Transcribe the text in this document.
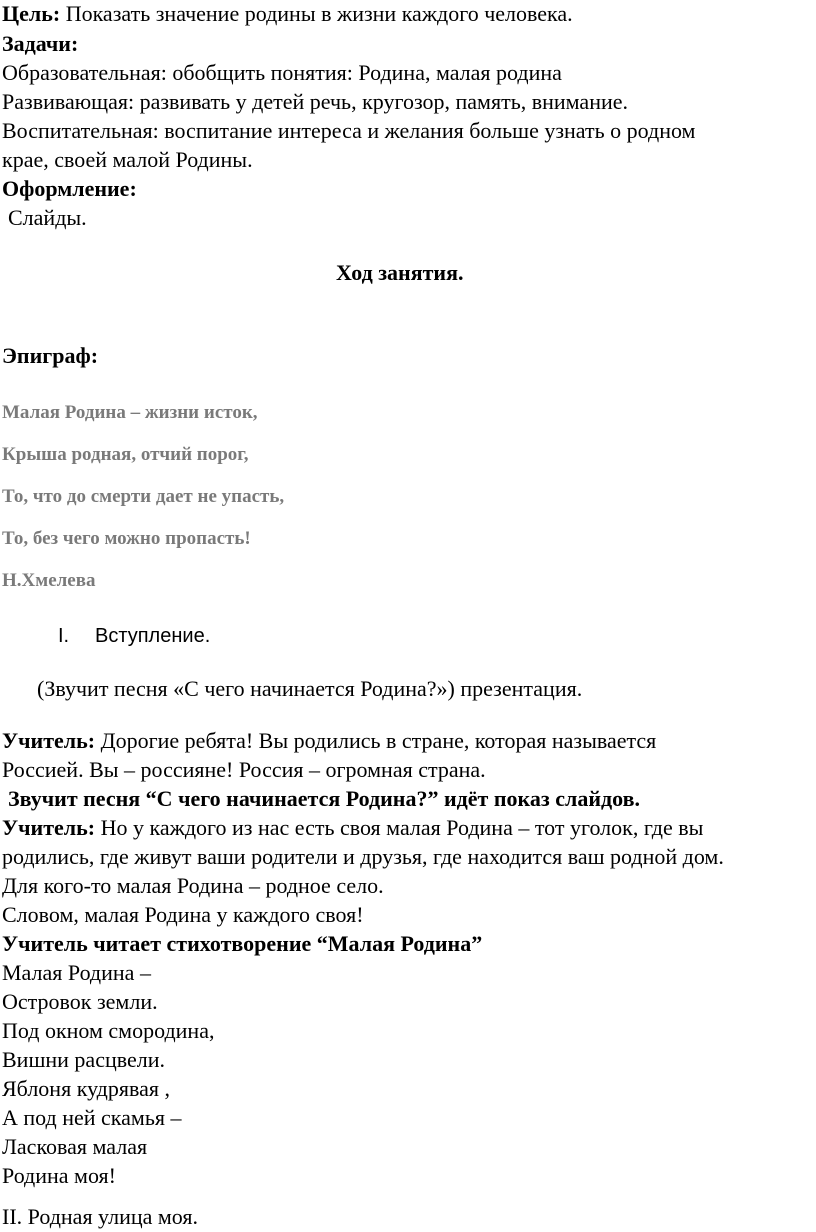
Цель: Показать значение родины в жизни каждого человека.
Задачи:
Образовательная: обобщить понятия: Родина, малая родина
Развивающая: развивать у детей речь, кругозор, память, внимание.
Воспитательная: воспитание интереса и желания больше узнать о родном
крае, своей малой Родины.
Оформление:
Слайды.
Ход занятия.
Эпиграф:
Малая Родина – жизни исток,
Крыша родная, отчий порог,
То, что до смерти дает не упасть,
То, без чего можно пропасть!
Н.Хмелева
I. Вступление.
(Звучит песня «С чего начинается Родина?») презентация.
Учитель: Дорогие ребята! Вы родились в стране, которая называется
Россией. Вы – россияне! Россия – огромная страна.
Звучит песня “С чего начинается Родина?” идёт показ слайдов.
Учитель: Но у каждого из нас есть своя малая Родина – тот уголок, где вы
родились, где живут ваши родители и друзья, где находится ваш родной дом.
Для кого-то малая Родина – родное село.
Словом, малая Родина у каждого своя!
Учитель читает стихотворение “Малая Родина”
Малая Родина –
Островок земли.
Под окном смородина,
Вишни расцвели.
Яблоня кудрявая ,
А под ней скамья –
Ласковая малая
Родина моя!
II. Родная улица моя.
